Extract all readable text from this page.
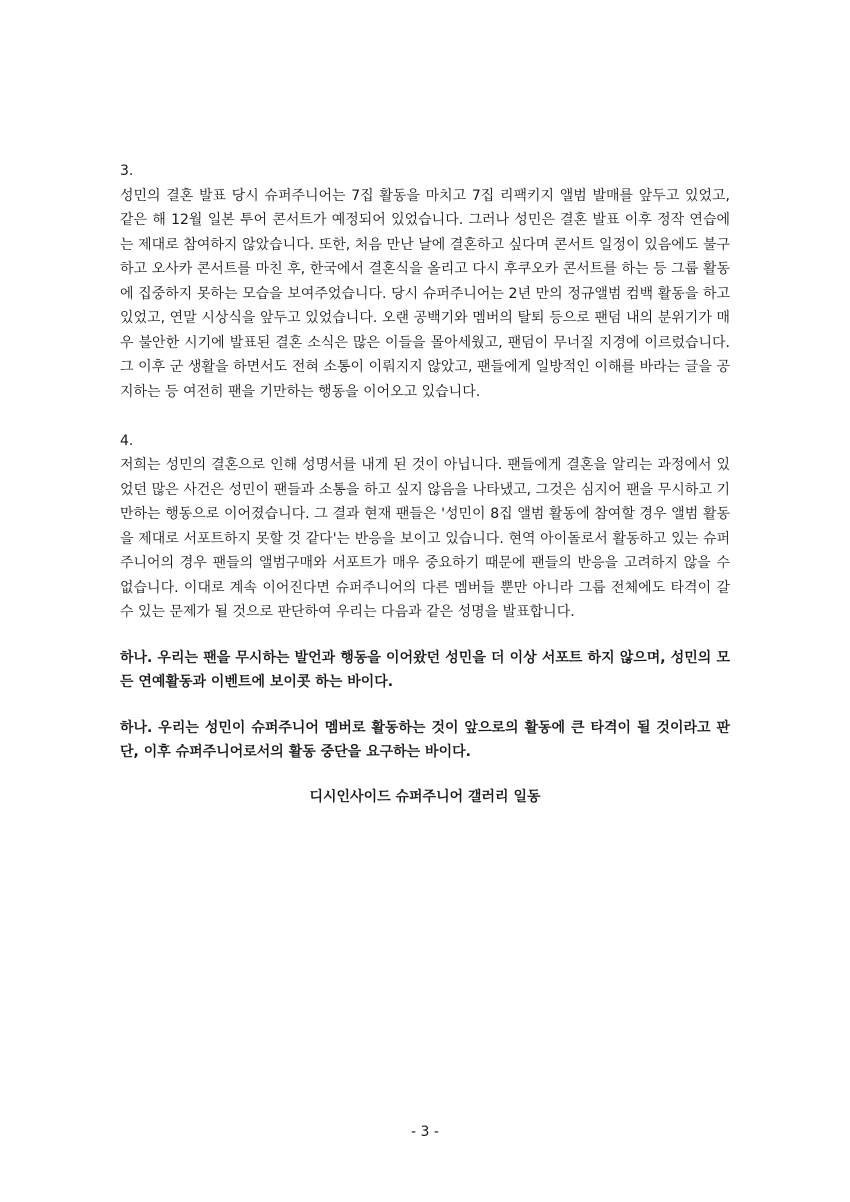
3.

성민의 결혼 발표 당시 슈퍼주니어는 7집 활동을 마치고 7집 리팩키지 앨범 발매를 앞두고 있었고, 같은 해 12월 일본 투어 콘서트가 예정되어 있었습니다. 그러나 성민은 결혼 발표 이후 정작 연습에는 제대로 참여하지 않았습니다. 또한, 처음 만난 날에 결혼하고 싶다며 콘서트 일정이 있음에도 불구하고 오사카 콘서트를 마친 후, 한국에서 결혼식을 올리고 다시 후쿠오카 콘서트를 하는 등 그룹 활동에 집중하지 못하는 모습을 보여주었습니다. 당시 슈퍼주니어는 2년 만의 정규앨범 컴백 활동을 하고 있었고, 연말 시상식을 앞두고 있었습니다. 오랜 공백기와 멤버의 탈퇴 등으로 팬덤 내의 분위기가 매우 불안한 시기에 발표된 결혼 소식은 많은 이들을 몰아세웠고, 팬덤이 무너질 지경에 이르렀습니다. 그 이후 군 생활을 하면서도 전혀 소통이 이뤄지지 않았고, 팬들에게 일방적인 이해를 바라는 글을 공지하는 등 여전히 팬을 기만하는 행동을 이어오고 있습니다.

4.

저희는 성민의 결혼으로 인해 성명서를 내게 된 것이 아닙니다. 팬들에게 결혼을 알리는 과정에서 있었던 많은 사건은 성민이 팬들과 소통을 하고 싶지 않음을 나타냈고, 그것은 심지어 팬을 무시하고 기만하는 행동으로 이어졌습니다. 그 결과 현재 팬들은 '성민이 8집 앨범 활동에 참여할 경우 앨범 활동을 제대로 서포트하지 못할 것 같다'는 반응을 보이고 있습니다. 현역 아이돌로서 활동하고 있는 슈퍼주니어의 경우 팬들의 앨범구매와 서포트가 매우 중요하기 때문에 팬들의 반응을 고려하지 않을 수 없습니다. 이대로 계속 이어진다면 슈퍼주니어의 다른 멤버들 뿐만 아니라 그룹 전체에도 타격이 갈 수 있는 문제가 될 것으로 판단하여 우리는 다음과 같은 성명을 발표합니다.

하나. 우리는 팬을 무시하는 발언과 행동을 이어왔던 성민을 더 이상 서포트 하지 않으며, 성민의 모든 연예활동과 이벤트에 보이콧 하는 바이다.

하나. 우리는 성민이 슈퍼주니어 멤버로 활동하는 것이 앞으로의 활동에 큰 타격이 될 것이라고 판단, 이후 슈퍼주니어로서의 활동 중단을 요구하는 바이다.

디시인사이드 슈퍼주니어 갤러리 일동
- 3 -
